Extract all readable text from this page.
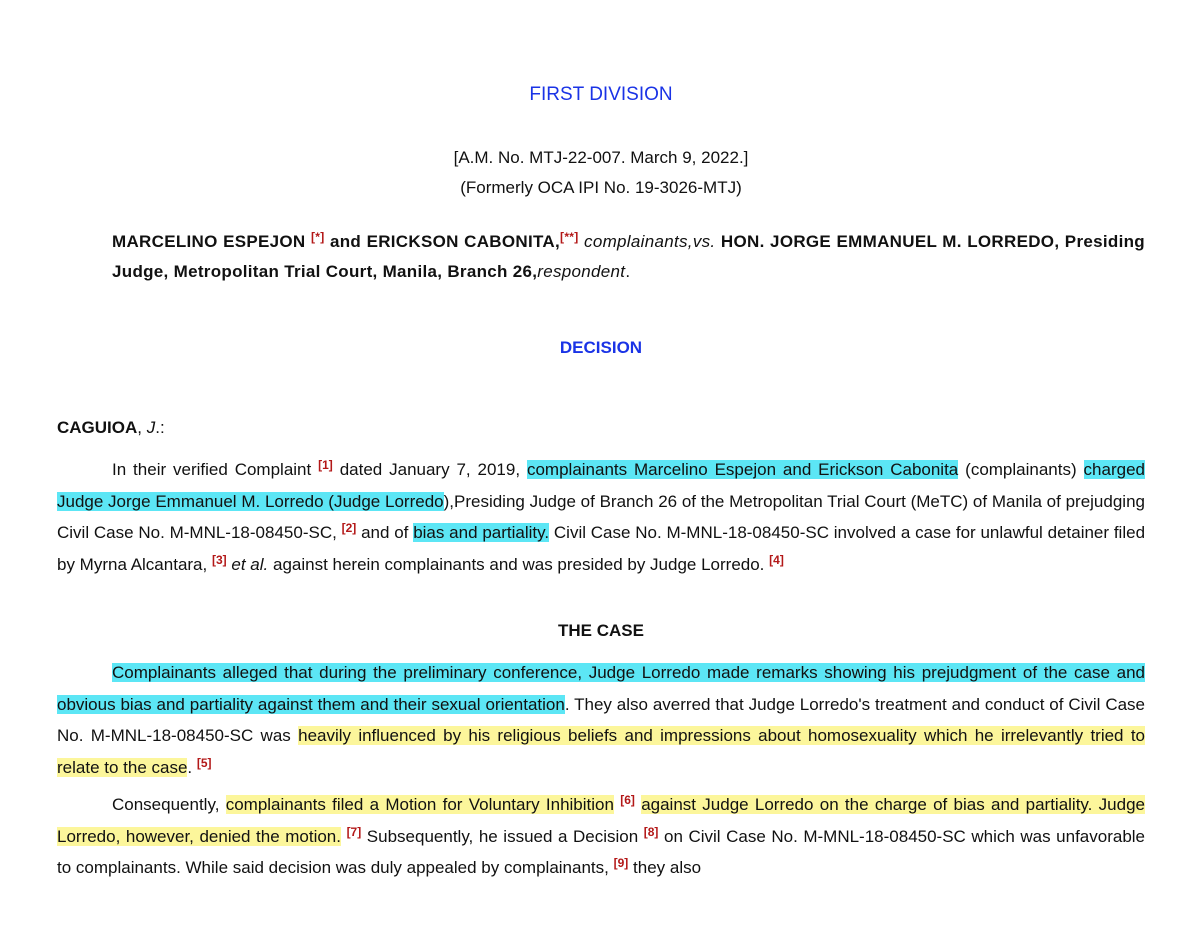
FIRST DIVISION
[A.M. No. MTJ-22-007. March 9, 2022.]
(Formerly OCA IPI No. 19-3026-MTJ)
MARCELINO ESPEJON [*] and ERICKSON CABONITA,[**] complainants,vs. HON. JORGE EMMANUEL M. LORREDO, Presiding Judge, Metropolitan Trial Court, Manila, Branch 26,respondent.
DECISION
CAGUIOA, J.:
In their verified Complaint [1] dated January 7, 2019, complainants Marcelino Espejon and Erickson Cabonita (complainants) charged Judge Jorge Emmanuel M. Lorredo (Judge Lorredo),Presiding Judge of Branch 26 of the Metropolitan Trial Court (MeTC) of Manila of prejudging Civil Case No. M-MNL-18-08450-SC, [2] and of bias and partiality. Civil Case No. M-MNL-18-08450-SC involved a case for unlawful detainer filed by Myrna Alcantara, [3] et al. against herein complainants and was presided by Judge Lorredo. [4]
THE CASE
Complainants alleged that during the preliminary conference, Judge Lorredo made remarks showing his prejudgment of the case and obvious bias and partiality against them and their sexual orientation. They also averred that Judge Lorredo's treatment and conduct of Civil Case No. M-MNL-18-08450-SC was heavily influenced by his religious beliefs and impressions about homosexuality which he irrelevantly tried to relate to the case. [5]
Consequently, complainants filed a Motion for Voluntary Inhibition [6] against Judge Lorredo on the charge of bias and partiality. Judge Lorredo, however, denied the motion. [7] Subsequently, he issued a Decision [8] on Civil Case No. M-MNL-18-08450-SC which was unfavorable to complainants. While said decision was duly appealed by complainants, [9] they also
